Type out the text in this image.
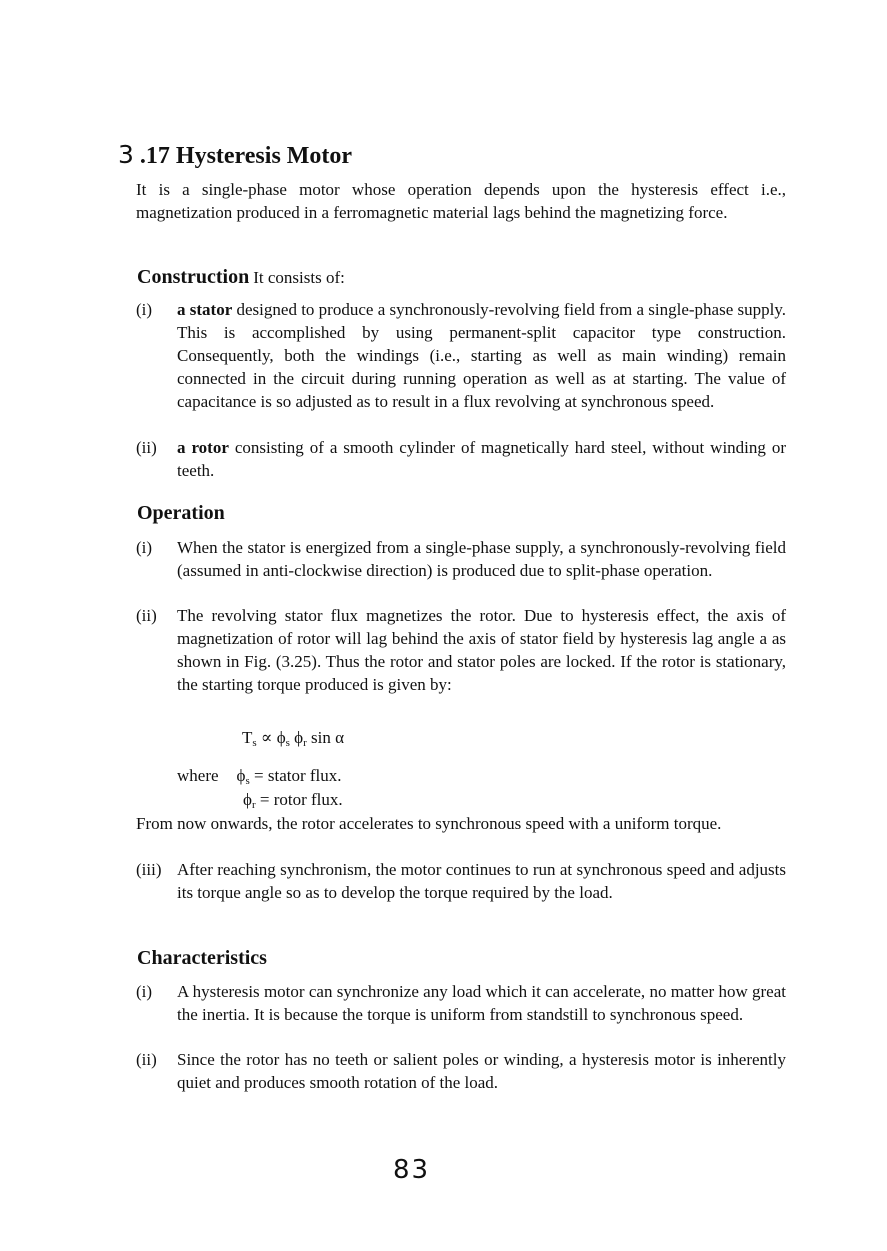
3 .17 Hysteresis Motor

It is a single-phase motor whose operation depends upon the hysteresis effect i.e., magnetization produced in a ferromagnetic material lags behind the magnetizing force.

Construction It consists of:
(i) a stator designed to produce a synchronously-revolving field from a single-phase supply. This is accomplished by using permanent-split capacitor type construction. Consequently, both the windings (i.e., starting as well as main winding) remain connected in the circuit during running operation as well as at starting. The value of capacitance is so adjusted as to result in a flux revolving at synchronous speed.
(ii) a rotor consisting of a smooth cylinder of magnetically hard steel, without winding or teeth.
Operation
(i) When the stator is energized from a single-phase supply, a synchronously-revolving field (assumed in anti-clockwise direction) is produced due to split-phase operation.
(ii) The revolving stator flux magnetizes the rotor. Due to hysteresis effect, the axis of magnetization of rotor will lag behind the axis of stator field by hysteresis lag angle a as shown in Fig. (3.25). Thus the rotor and stator poles are locked. If the rotor is stationary, the starting torque produced is given by:
$T_s \propto \phi_s$ $\phi_r$ sin α
where $\phi_s$ = stator flux.
$\phi_r$ = rotor flux.

From now onwards, the rotor accelerates to synchronous speed with a uniform torque.

(iii) After reaching synchronism, the motor continues to run at synchronous speed and adjusts its torque angle so as to develop the torque required by the load.
Characteristics
(i) A hysteresis motor can synchronize any load which it can accelerate, no matter how great the inertia. It is because the torque is uniform from standstill to synchronous speed.
(ii) Since the rotor has no teeth or salient poles or winding, a hysteresis motor is inherently quiet and produces smooth rotation of the load.
83
